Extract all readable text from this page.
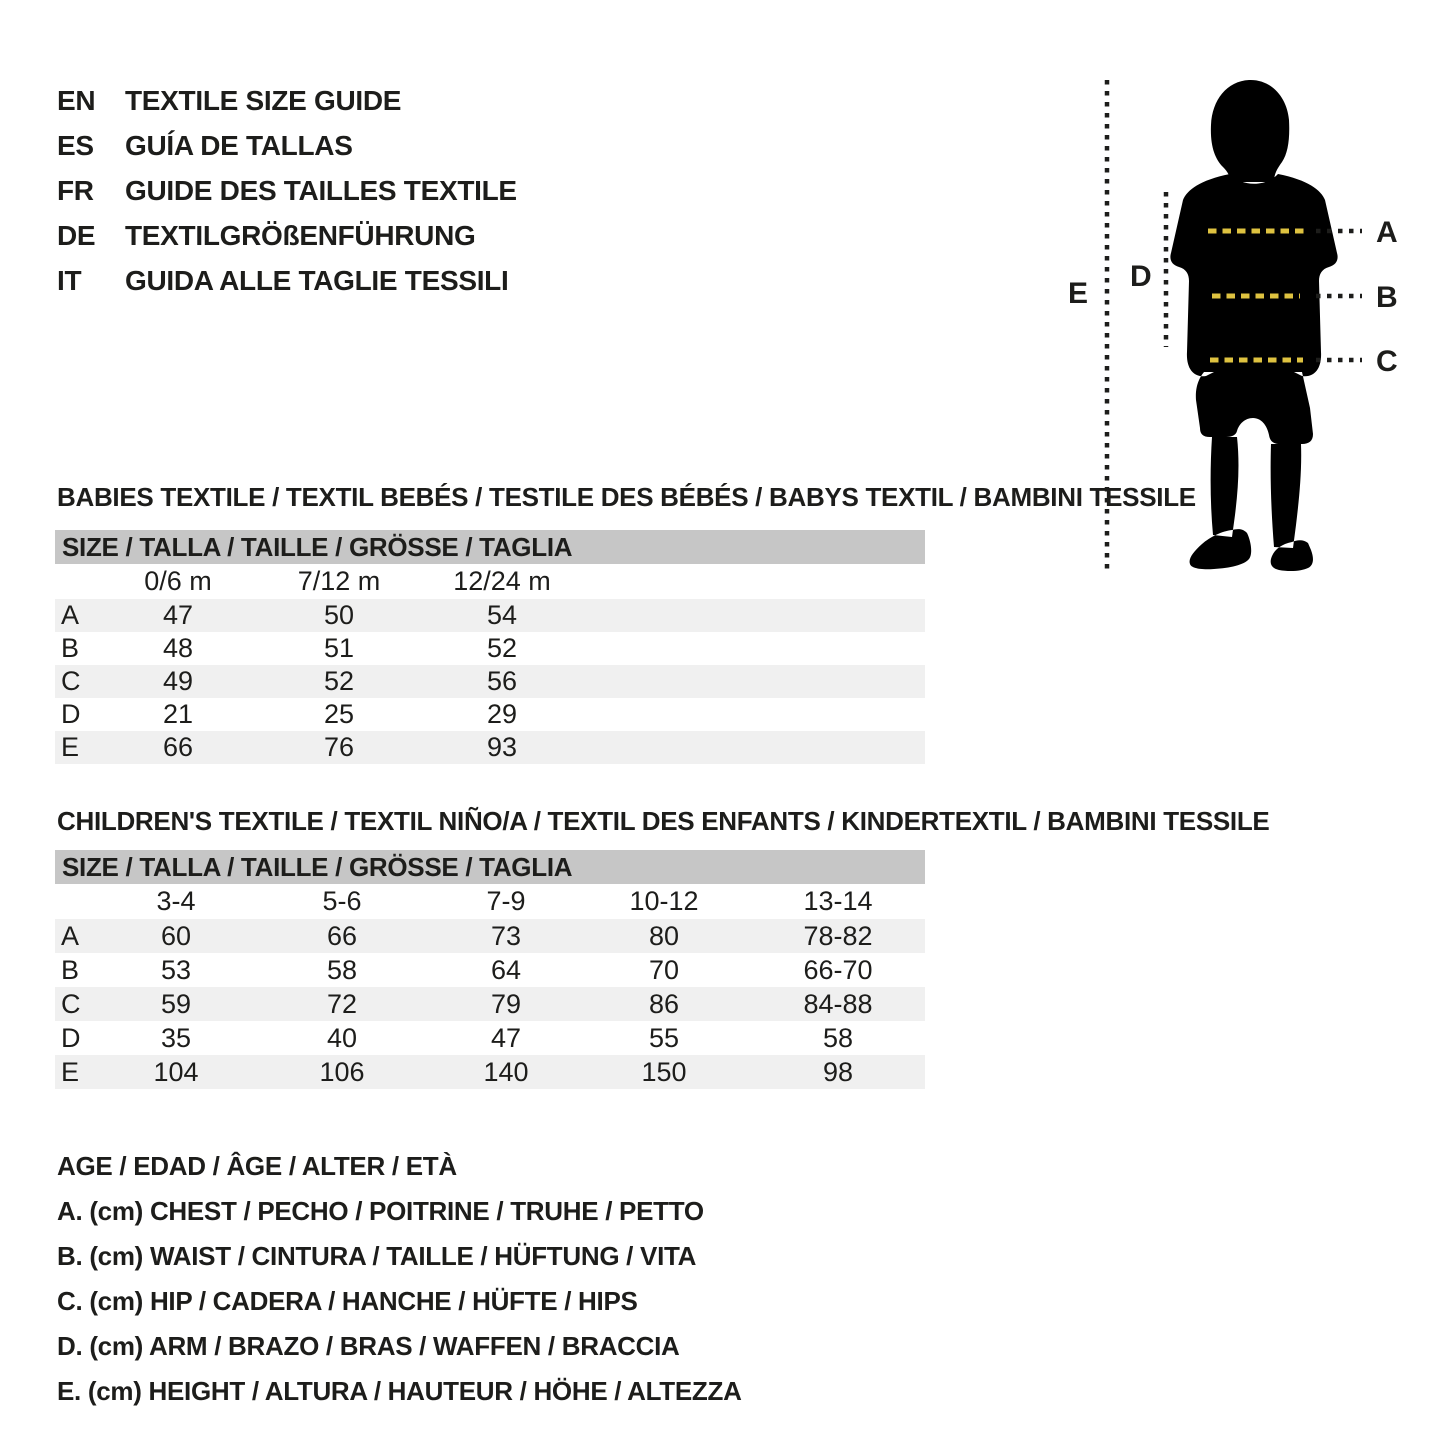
EN	TEXTILE SIZE GUIDE
ES	GUÍA DE TALLAS
FR	GUIDE DES TAILLES TEXTILE
DE	TEXTILGRÖßENFÜHRUNG
IT	GUIDA ALLE TAGLIE TESSILI
A
B
C
D
E
BABIES TEXTILE / TEXTIL BEBÉS / TESTILE DES BÉBÉS / BABYS TEXTIL / BAMBINI TESSILE
SIZE / TALLA / TAILLE / GRÖSSE / TAGLIA
	0/6 m	7/12 m	12/24 m	
A	47	50	54	
B	48	51	52	
C	49	52	56	
D	21	25	29	
E	66	76	93	
CHILDREN'S TEXTILE / TEXTIL NIÑO/A / TEXTIL DES ENFANTS / KINDERTEXTIL / BAMBINI TESSILE
SIZE / TALLA / TAILLE / GRÖSSE / TAGLIA
	3-4	5-6	7-9	10-12	13-14
A	60	66	73	80	78-82
B	53	58	64	70	66-70
C	59	72	79	86	84-88
D	35	40	47	55	58
E	104	106	140	150	98

AGE / EDAD / ÂGE / ALTER / ETÀ

A. (cm) CHEST / PECHO / POITRINE / TRUHE / PETTO

B. (cm) WAIST / CINTURA / TAILLE / HÜFTUNG / VITA

C. (cm) HIP / CADERA / HANCHE / HÜFTE / HIPS

D. (cm) ARM / BRAZO / BRAS / WAFFEN / BRACCIA

E. (cm) HEIGHT / ALTURA / HAUTEUR / HÖHE / ALTEZZA
